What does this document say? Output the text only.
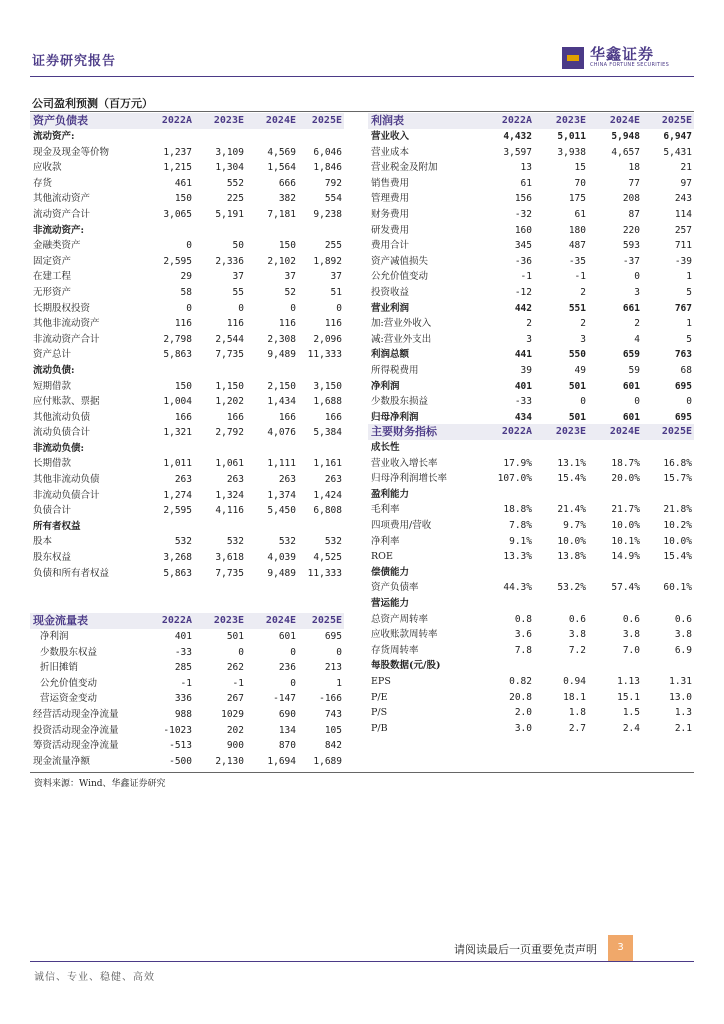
证券研究报告	华鑫证券
CHINA FORTUNE SECURITIES
公司盈利预测（百万元）
资产负债表	2022A	2023E	2024E	2025E
流动资产:				
现金及现金等价物	1,237	3,109	4,569	6,046
应收款	1,215	1,304	1,564	1,846
存货	461	552	666	792
其他流动资产	150	225	382	554
流动资产合计	3,065	5,191	7,181	9,238
非流动资产:				
金融类资产	0	50	150	255
固定资产	2,595	2,336	2,102	1,892
在建工程	29	37	37	37
无形资产	58	55	52	51
长期股权投资	0	0	0	0
其他非流动资产	116	116	116	116
非流动资产合计	2,798	2,544	2,308	2,096
资产总计	5,863	7,735	9,489	11,333
流动负债:				
短期借款	150	1,150	2,150	3,150
应付账款、票据	1,004	1,202	1,434	1,688
其他流动负债	166	166	166	166
流动负债合计	1,321	2,792	4,076	5,384
非流动负债:				
长期借款	1,011	1,061	1,111	1,161
其他非流动负债	263	263	263	263
非流动负债合计	1,274	1,324	1,374	1,424
负债合计	2,595	4,116	5,450	6,808
所有者权益				
股本	532	532	532	532
股东权益	3,268	3,618	4,039	4,525
负债和所有者权益	5,863	7,735	9,489	11,333
利润表	2022A	2023E	2024E	2025E
营业收入	4,432	5,011	5,948	6,947
营业成本	3,597	3,938	4,657	5,431
营业税金及附加	13	15	18	21
销售费用	61	70	77	97
管理费用	156	175	208	243
财务费用	-32	61	87	114
研发费用	160	180	220	257
费用合计	345	487	593	711
资产减值损失	-36	-35	-37	-39
公允价值变动	-1	-1	0	1
投资收益	-12	2	3	5
营业利润	442	551	661	767
加:营业外收入	2	2	2	1
减:营业外支出	3	3	4	5
利润总额	441	550	659	763
所得税费用	39	49	59	68
净利润	401	501	601	695
少数股东损益	-33	0	0	0
归母净利润	434	501	601	695
主要财务指标	2022A	2023E	2024E	2025E
成长性				
营业收入增长率	17.9%	13.1%	18.7%	16.8%
归母净利润增长率	107.0%	15.4%	20.0%	15.7%
盈利能力				
毛利率	18.8%	21.4%	21.7%	21.8%
四项费用/营收	7.8%	9.7%	10.0%	10.2%
净利率	9.1%	10.0%	10.1%	10.0%
ROE	13.3%	13.8%	14.9%	15.4%
偿债能力				
资产负债率	44.3%	53.2%	57.4%	60.1%
营运能力				
总资产周转率	0.8	0.6	0.6	0.6
应收账款周转率	3.6	3.8	3.8	3.8
存货周转率	7.8	7.2	7.0	6.9
每股数据(元/股)				
EPS	0.82	0.94	1.13	1.31
P/E	20.8	18.1	15.1	13.0
P/S	2.0	1.8	1.5	1.3
P/B	3.0	2.7	2.4	2.1
现金流量表	2022A	2023E	2024E	2025E
净利润	401	501	601	695
少数股东权益	-33	0	0	0
折旧摊销	285	262	236	213
公允价值变动	-1	-1	0	1
营运资金变动	336	267	-147	-166
经营活动现金净流量	988	1029	690	743
投资活动现金净流量	-1023	202	134	105
筹资活动现金净流量	-513	900	870	842
现金流量净额	-500	2,130	1,694	1,689
资料来源：Wind、华鑫证券研究
请阅读最后一页重要免责声明	3
诚信、专业、稳健、高效
